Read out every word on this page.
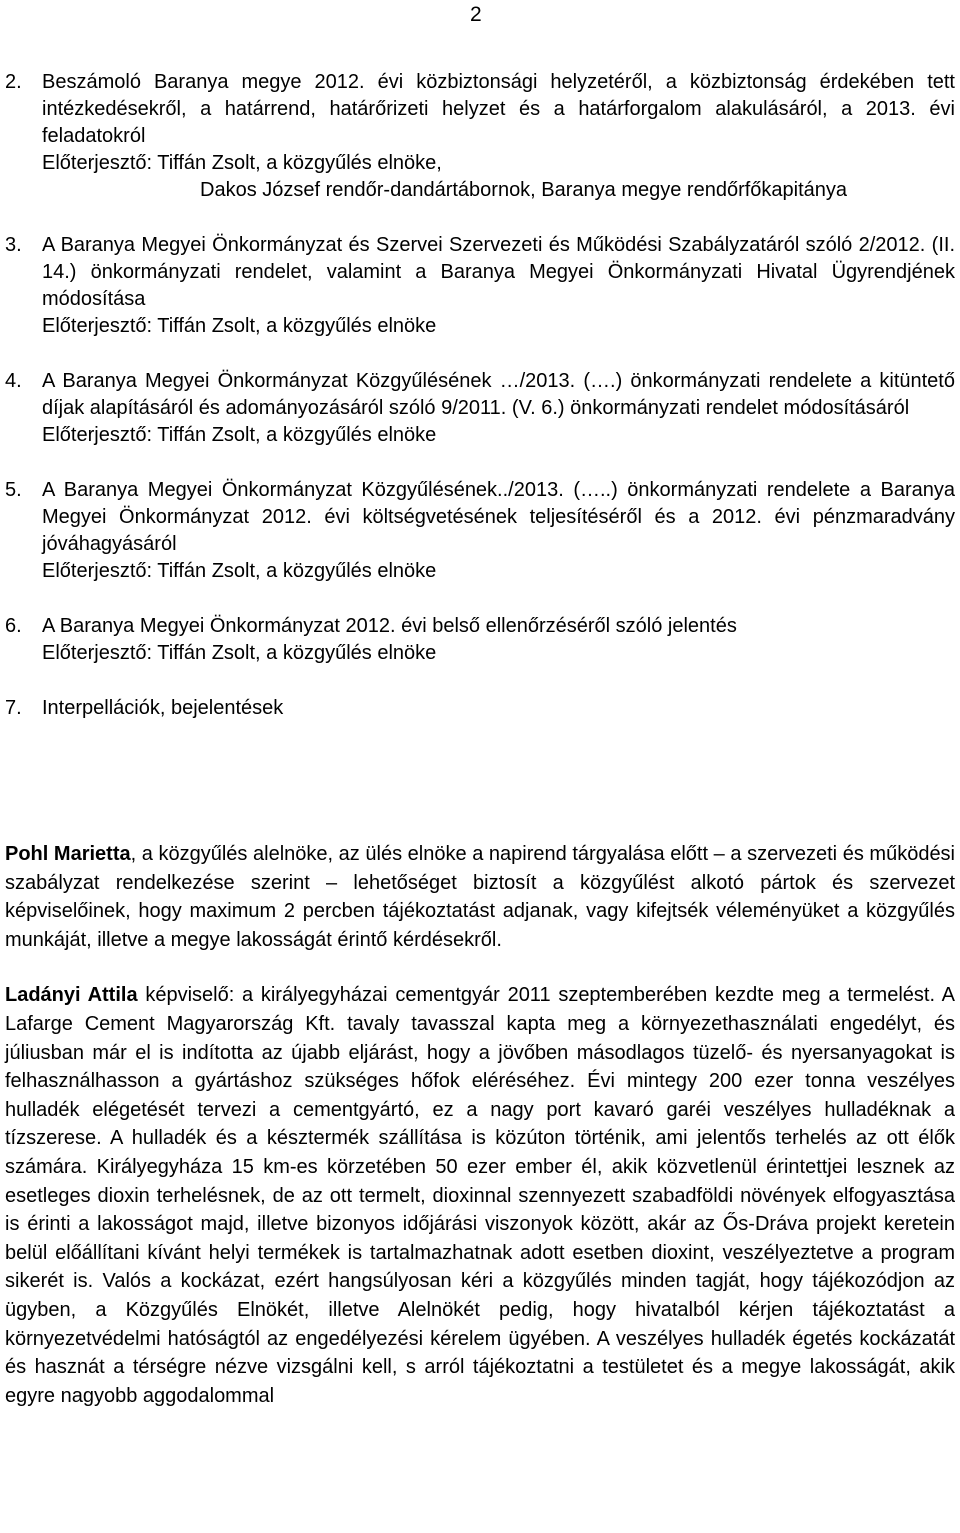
2
2. Beszámoló Baranya megye 2012. évi közbiztonsági helyzetéről, a közbiztonság érdekében tett intézkedésekről, a határrend, határőrizeti helyzet és a határforgalom alakulásáról, a 2013. évi feladatokról
Előterjesztő: Tiffán Zsolt, a közgyűlés elnöke,
Dakos József rendőr-dandártábornok, Baranya megye rendőrfőkapitánya
3. A Baranya Megyei Önkormányzat és Szervei Szervezeti és Működési Szabályzatáról szóló 2/2012. (II. 14.) önkormányzati rendelet, valamint a Baranya Megyei Önkormányzati Hivatal Ügyrendjének módosítása
Előterjesztő: Tiffán Zsolt, a közgyűlés elnöke
4. A Baranya Megyei Önkormányzat Közgyűlésének …/2013. (….) önkormányzati rendelete a kitüntető díjak alapításáról és adományozásáról szóló 9/2011. (V. 6.) önkormányzati rendelet módosításáról
Előterjesztő: Tiffán Zsolt, a közgyűlés elnöke
5. A Baranya Megyei Önkormányzat Közgyűlésének../2013. (…..) önkormányzati rendelete a Baranya Megyei Önkormányzat 2012. évi költségvetésének teljesítéséről és a 2012. évi pénzmaradvány jóváhagyásáról
Előterjesztő: Tiffán Zsolt, a közgyűlés elnöke
6. A Baranya Megyei Önkormányzat 2012. évi belső ellenőrzéséről szóló jelentés
Előterjesztő: Tiffán Zsolt, a közgyűlés elnöke
7. Interpellációk, bejelentések

Pohl Marietta, a közgyűlés alelnöke, az ülés elnöke a napirend tárgyalása előtt – a szervezeti és működési szabályzat rendelkezése szerint – lehetőséget biztosít a közgyűlést alkotó pártok és szervezet képviselőinek, hogy maximum 2 percben tájékoztatást adjanak, vagy kifejtsék véleményüket a közgyűlés munkáját, illetve a megye lakosságát érintő kérdésekről.

Ladányi Attila képviselő: a királyegyházai cementgyár 2011 szeptemberében kezdte meg a termelést. A Lafarge Cement Magyarország Kft. tavaly tavasszal kapta meg a környezethasználati engedélyt, és júliusban már el is indította az újabb eljárást, hogy a jövőben másodlagos tüzelő- és nyersanyagokat is felhasználhasson a gyártáshoz szükséges hőfok eléréséhez. Évi mintegy 200 ezer tonna veszélyes hulladék elégetését tervezi a cementgyártó, ez a nagy port kavaró garéi veszélyes hulladéknak a tízszerese. A hulladék és a késztermék szállítása is közúton történik, ami jelentős terhelés az ott élők számára. Királyegyháza 15 km-es körzetében 50 ezer ember él, akik közvetlenül érintettjei lesznek az esetleges dioxin terhelésnek, de az ott termelt, dioxinnal szennyezett szabadföldi növények elfogyasztása is érinti a lakosságot majd, illetve bizonyos időjárási viszonyok között, akár az Ős-Dráva projekt keretein belül előállítani kívánt helyi termékek is tartalmazhatnak adott esetben dioxint, veszélyeztetve a program sikerét is. Valós a kockázat, ezért hangsúlyosan kéri a közgyűlés minden tagját, hogy tájékozódjon az ügyben, a Közgyűlés Elnökét, illetve Alelnökét pedig, hogy hivatalból kérjen tájékoztatást a környezetvédelmi hatóságtól az engedélyezési kérelem ügyében. A veszélyes hulladék égetés kockázatát és hasznát a térségre nézve vizsgálni kell, s arról tájékoztatni a testületet és a megye lakosságát, akik egyre nagyobb aggodalommal
